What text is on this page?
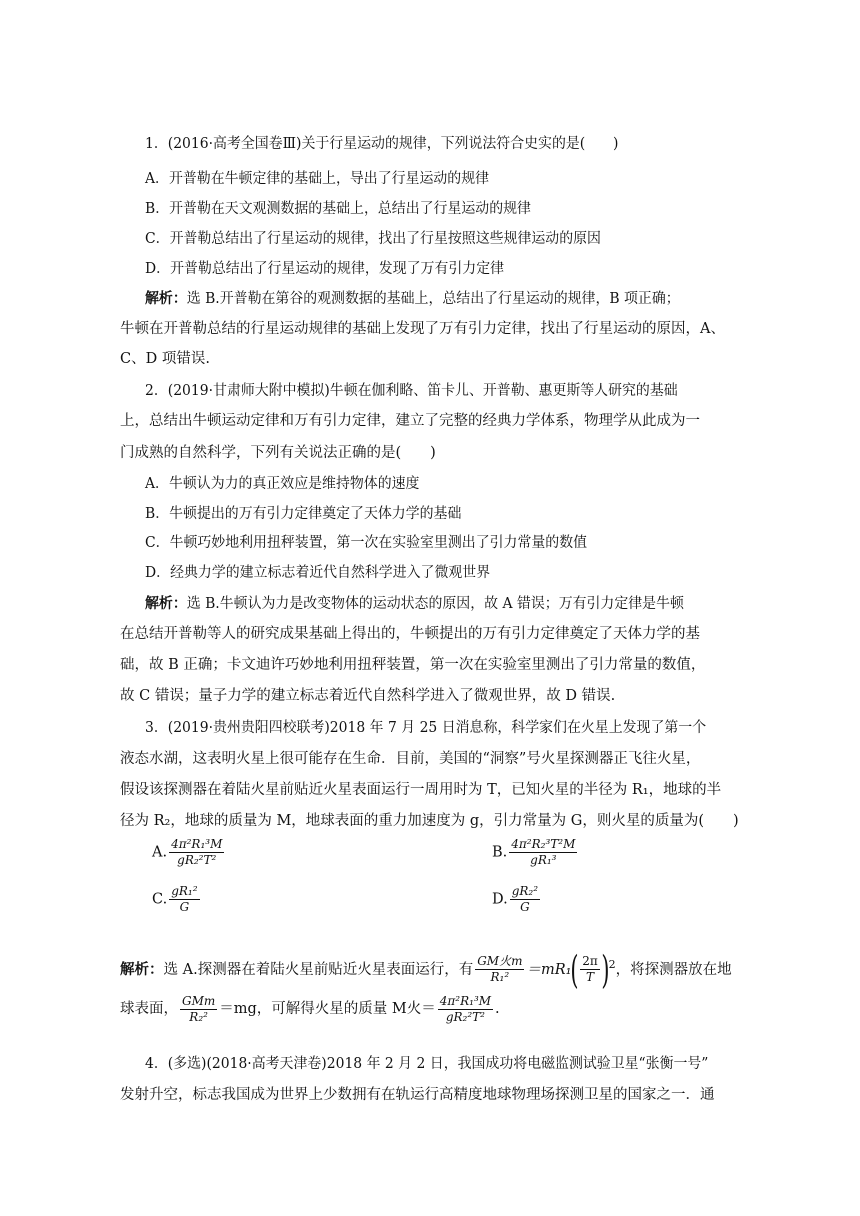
1．(2016·高考全国卷Ⅲ)关于行星运动的规律，下列说法符合史实的是(　　)
A．开普勒在牛顿定律的基础上，导出了行星运动的规律
B．开普勒在天文观测数据的基础上，总结出了行星运动的规律
C．开普勒总结出了行星运动的规律，找出了行星按照这些规律运动的原因
D．开普勒总结出了行星运动的规律，发现了万有引力定律
解析：选 B.开普勒在第谷的观测数据的基础上，总结出了行星运动的规律，B 项正确；
牛顿在开普勒总结的行星运动规律的基础上发现了万有引力定律，找出了行星运动的原因，A、
C、D 项错误.
2．(2019·甘肃师大附中模拟)牛顿在伽利略、笛卡儿、开普勒、惠更斯等人研究的基础
上，总结出牛顿运动定律和万有引力定律，建立了完整的经典力学体系，物理学从此成为一
门成熟的自然科学，下列有关说法正确的是(　　)
A．牛顿认为力的真正效应是维持物体的速度
B．牛顿提出的万有引力定律奠定了天体力学的基础
C．牛顿巧妙地利用扭秤装置，第一次在实验室里测出了引力常量的数值
D．经典力学的建立标志着近代自然科学进入了微观世界
解析：选 B.牛顿认为力是改变物体的运动状态的原因，故 A 错误；万有引力定律是牛顿
在总结开普勒等人的研究成果基础上得出的，牛顿提出的万有引力定律奠定了天体力学的基
础，故 B 正确；卡文迪许巧妙地利用扭秤装置，第一次在实验室里测出了引力常量的数值，
故 C 错误；量子力学的建立标志着近代自然科学进入了微观世界，故 D 错误.
3．(2019·贵州贵阳四校联考)2018 年 7 月 25 日消息称，科学家们在火星上发现了第一个
液态水湖，这表明火星上很可能存在生命．目前，美国的“洞察”号火星探测器正飞往火星，
假设该探测器在着陆火星前贴近火星表面运行一周用时为 T，已知火星的半径为 R₁，地球的半
径为 R₂，地球的质量为 M，地球表面的重力加速度为 g，引力常量为 G，则火星的质量为(　　)
A. $\frac{\text{4π²R₁³M}}{\text{gR₂²T²}}$	B. $\frac{\text{4π²R₂³T²M}}{\text{gR₁³}}$
C. $\frac{\text{gR₁²}}{G}$	D. $\frac{\text{gR₂²}}{G}$
解析：选 A.探测器在着陆火星前贴近火星表面运行，有 $\frac{\text{GM火m}}{\text{R₁²}} =mR_1( \frac{2\pi}{T} )^2$，将探测器放在地
球表面， $\frac{\text{GMm}}{\text{R₂²}} =mg$，可解得火星的质量 M火＝ $\frac{\text{4π²R₁³M}}{\text{gR₂²T²}}$ .
4．(多选)(2018·高考天津卷)2018 年 2 月 2 日，我国成功将电磁监测试验卫星“张衡一号”
发射升空，标志我国成为世界上少数拥有在轨运行高精度地球物理场探测卫星的国家之一．通
